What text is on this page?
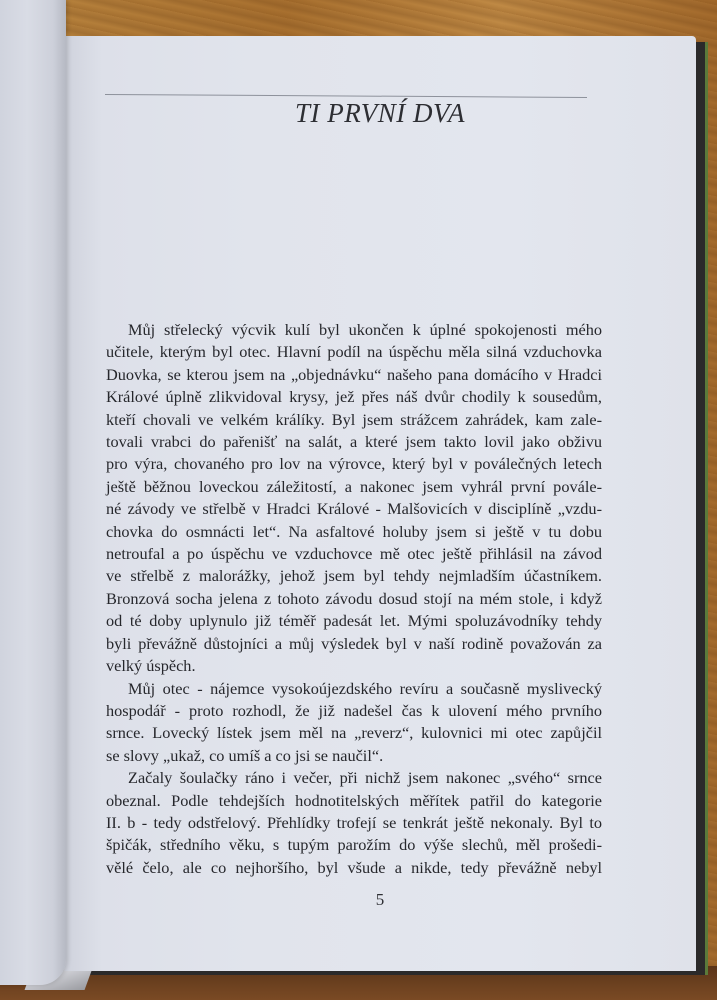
TI PRVNÍ DVA
Můj střelecký výcvik kulí byl ukončen k úplné spokojenosti mého
učitele, kterým byl otec. Hlavní podíl na úspěchu měla silná vzduchovka
Duovka, se kterou jsem na „objednávku“ našeho pana domácího v Hradci
Králové úplně zlikvidoval krysy, jež přes náš dvůr chodily k sousedům,
kteří chovali ve velkém králíky. Byl jsem strážcem zahrádek, kam zale-
tovali vrabci do pařenišť na salát, a které jsem takto lovil jako obživu
pro výra, chovaného pro lov na výrovce, který byl v poválečných letech
ještě běžnou loveckou záležitostí, a nakonec jsem vyhrál první povále-
né závody ve střelbě v Hradci Králové - Malšovicích v disciplíně „vzdu-
chovka do osmnácti let“. Na asfaltové holuby jsem si ještě v tu dobu
netroufal a po úspěchu ve vzduchovce mě otec ještě přihlásil na závod
ve střelbě z malorážky, jehož jsem byl tehdy nejmladším účastníkem.
Bronzová socha jelena z tohoto závodu dosud stojí na mém stole, i když
od té doby uplynulo již téměř padesát let. Mými spoluzávodníky tehdy
byli převážně důstojníci a můj výsledek byl v naší rodině považován za
velký úspěch.
Můj otec - nájemce vysokoújezdského revíru a současně myslivecký
hospodář - proto rozhodl, že již nadešel čas k ulovení mého prvního
srnce. Lovecký lístek jsem měl na „reverz“, kulovnici mi otec zapůjčil
se slovy „ukaž, co umíš a co jsi se naučil“.
Začaly šoulačky ráno i večer, při nichž jsem nakonec „svého“ srnce
obeznal. Podle tehdejších hodnotitelských měřítek patřil do kategorie
II. b - tedy odstřelový. Přehlídky trofejí se tenkrát ještě nekonaly. Byl to
špičák, středního věku, s tupým parožím do výše slechů, měl prošedi-
vělé čelo, ale co nejhoršího, byl všude a nikde, tedy převážně nebyl
5
